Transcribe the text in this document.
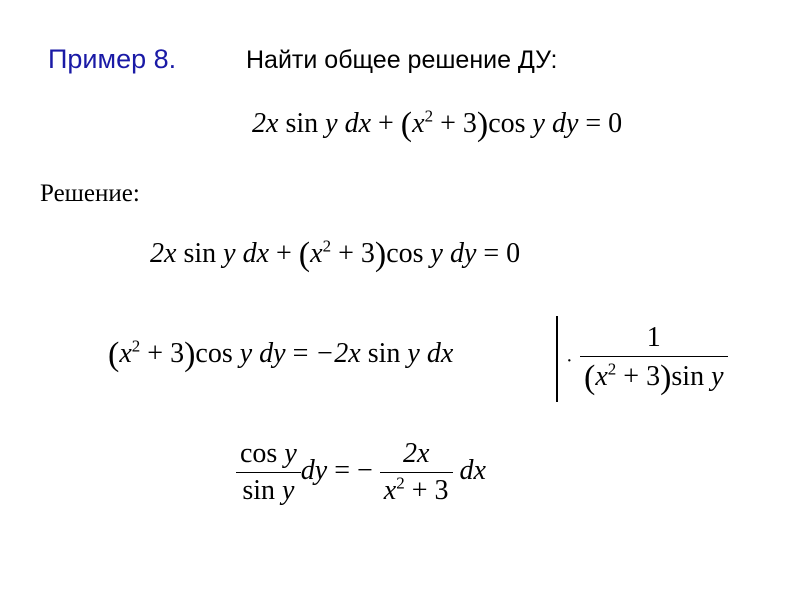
Пример 8.	Найти общее решение ДУ:
2x sin y dx + $(x^2 + 3)\cos$ y dy = 0
Решение:
2x sin y dx + $(x^2 + 3)\cos$ y dy = 0
$(x^2 + 3)\cos$ y dy = −2x sin y dx	· $\frac{1}{(x^2 + 3)\sin y}$
$\frac{\text{cos y}}{\text{sin y}}$ dy = − $\frac{2x}{x^2 + 3}$ dx
